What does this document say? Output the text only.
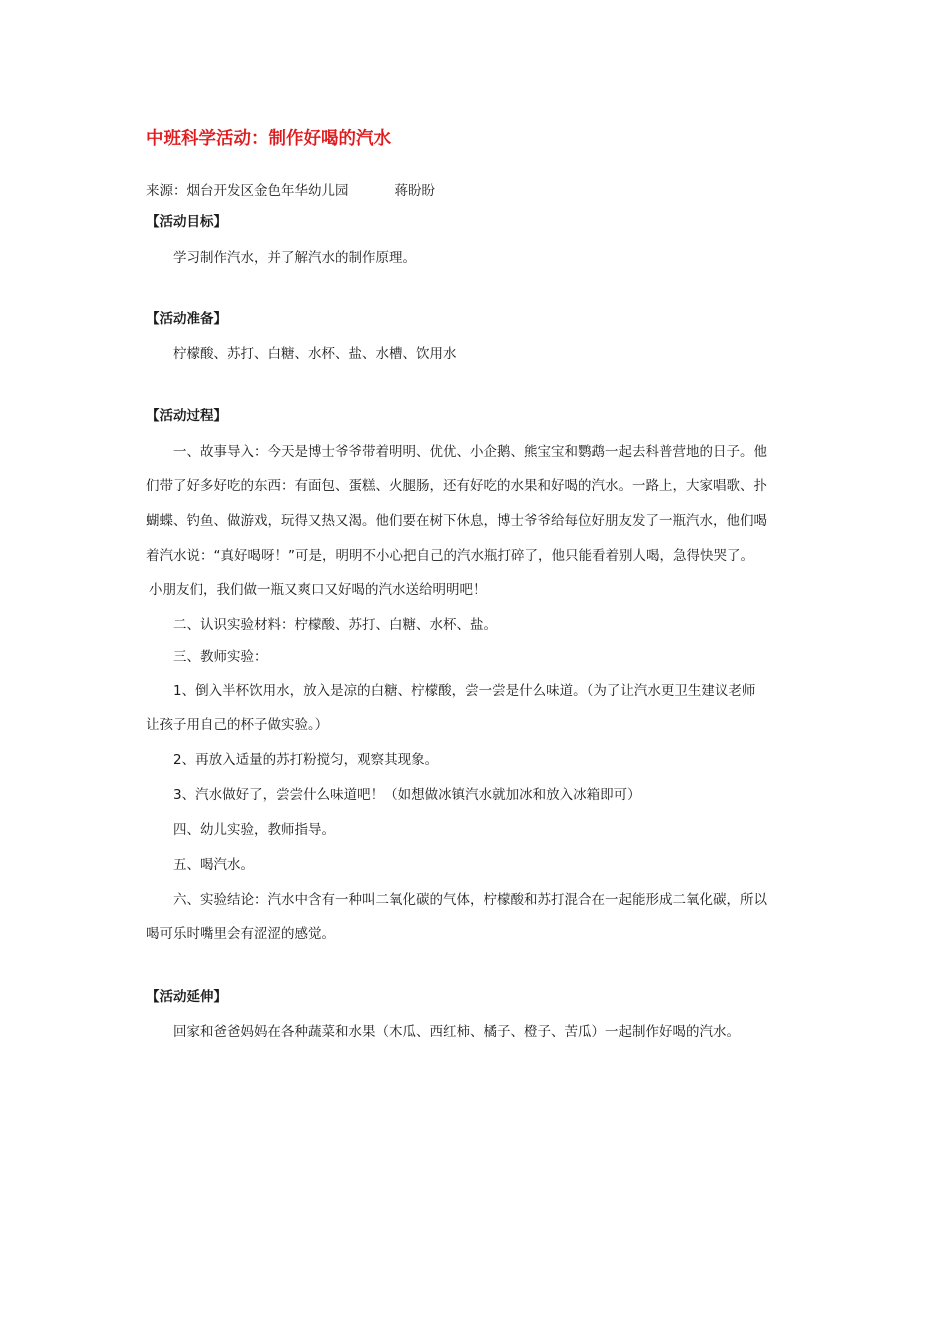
中班科学活动：制作好喝的汽水
来源：烟台开发区金色年华幼儿园	蒋盼盼
【活动目标】
学习制作汽水，并了解汽水的制作原理。
【活动准备】
柠檬酸、苏打、白糖、水杯、盐、水槽、饮用水
【活动过程】
一、故事导入：今天是博士爷爷带着明明、优优、小企鹅、熊宝宝和鹦鹉一起去科普营地的日子。他
们带了好多好吃的东西：有面包、蛋糕、火腿肠，还有好吃的水果和好喝的汽水。一路上，大家唱歌、扑
蝴蝶、钓鱼、做游戏，玩得又热又渴。他们要在树下休息，博士爷爷给每位好朋友发了一瓶汽水，他们喝
着汽水说：“真好喝呀！”可是，明明不小心把自己的汽水瓶打碎了，他只能看着别人喝，急得快哭了。
小朋友们，我们做一瓶又爽口又好喝的汽水送给明明吧！
二、认识实验材料：柠檬酸、苏打、白糖、水杯、盐。
三、教师实验：
1、倒入半杯饮用水，放入是凉的白糖、柠檬酸，尝一尝是什么味道。（为了让汽水更卫生建议老师
让孩子用自己的杯子做实验。）
2、再放入适量的苏打粉搅匀，观察其现象。
3、汽水做好了，尝尝什么味道吧！（如想做冰镇汽水就加冰和放入冰箱即可）
四、幼儿实验，教师指导。
五、喝汽水。
六、实验结论：汽水中含有一种叫二氧化碳的气体，柠檬酸和苏打混合在一起能形成二氧化碳，所以
喝可乐时嘴里会有涩涩的感觉。
【活动延伸】
回家和爸爸妈妈在各种蔬菜和水果（木瓜、西红柿、橘子、橙子、苦瓜）一起制作好喝的汽水。
